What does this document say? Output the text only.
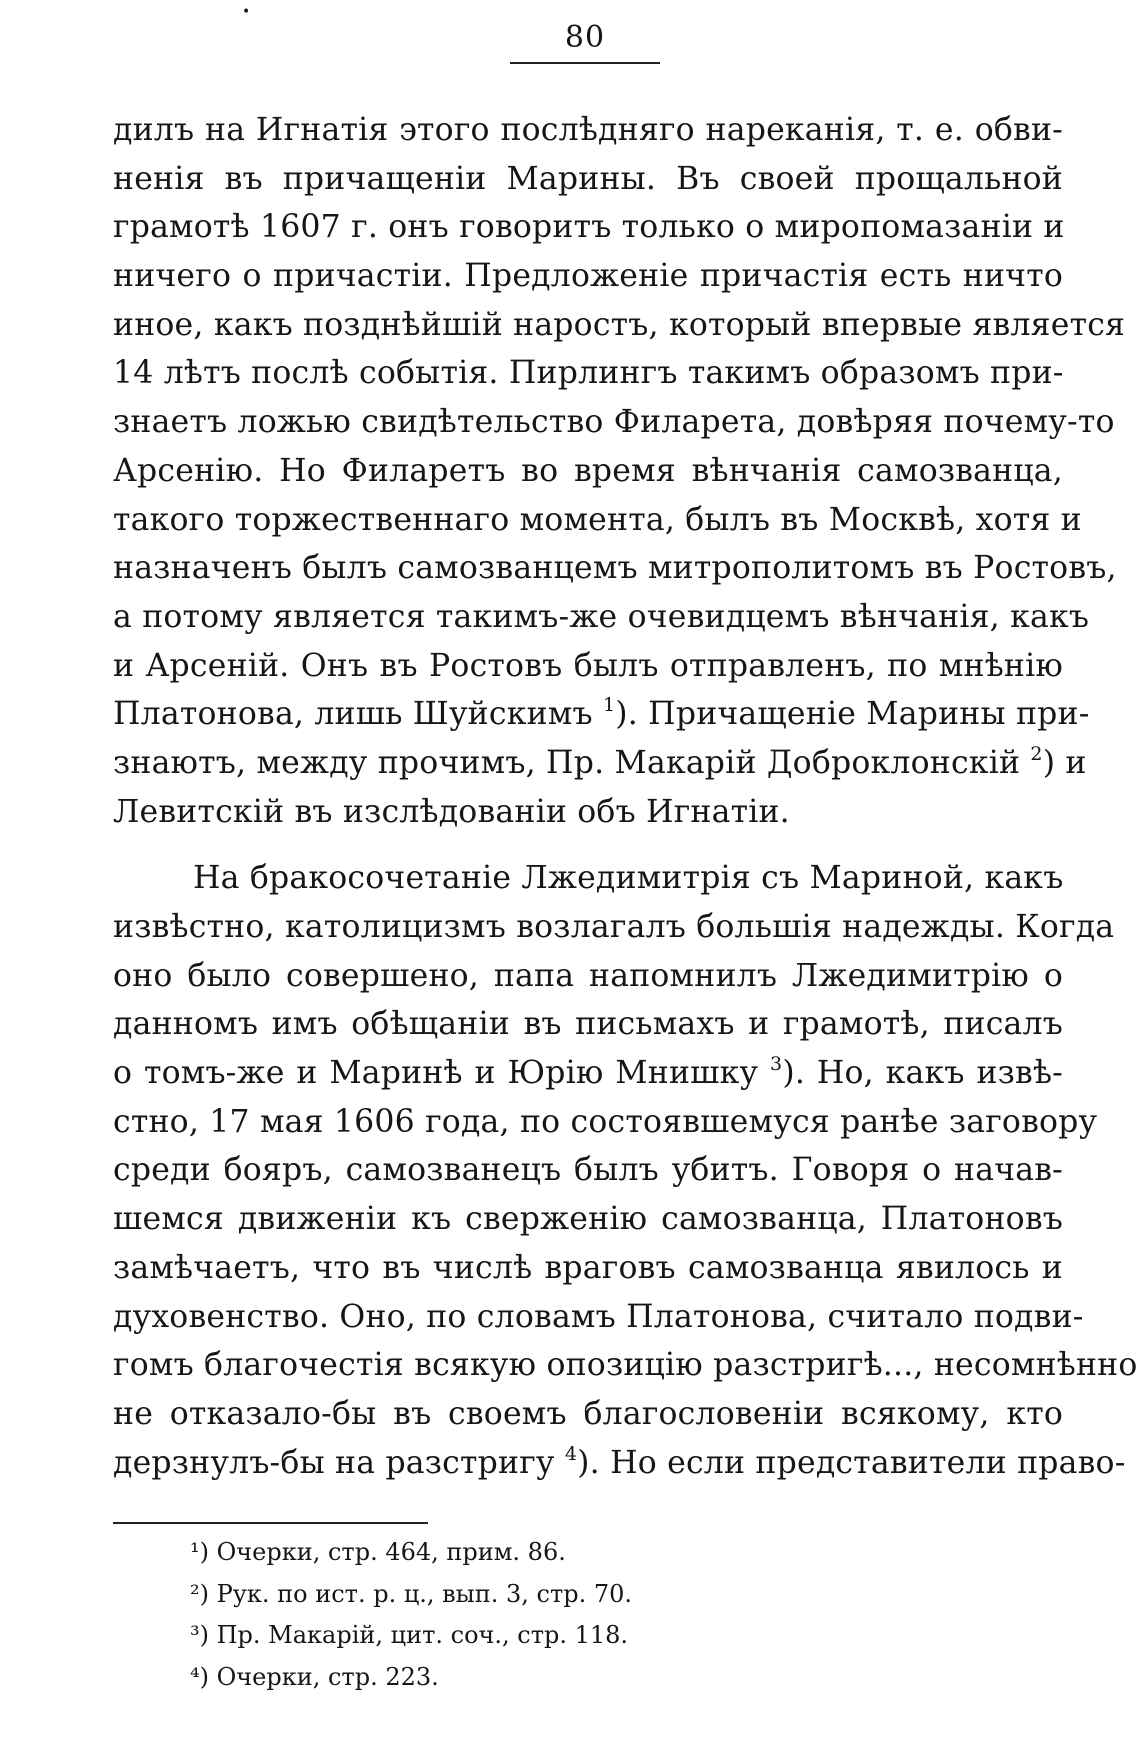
•
80
дилъ на Игнатія этого послѣдняго нареканія, т. е. обви-
ненія въ причащеніи Марины. Въ своей прощальной
грамотѣ 1607 г. онъ говоритъ только о миропомазаніи и
ничего о причастіи. Предложеніе причастія есть ничто
иное, какъ позднѣйшій наростъ, который впервые является
14 лѣтъ послѣ событія. Пирлингъ такимъ образомъ при-
знаетъ ложью свидѣтельство Филарета, довѣряя почему-то
Арсенію. Но Филаретъ во время вѣнчанія самозванца,
такого торжественнаго момента, былъ въ Москвѣ, хотя и
назначенъ былъ самозванцемъ митрополитомъ въ Ростовъ,
а потому является такимъ-же очевидцемъ вѣнчанія, какъ
и Арсеній. Онъ въ Ростовъ былъ отправленъ, по мнѣнію
Платонова, лишь Шуйскимъ $^1$). Причащеніе Марины при-
знаютъ, между прочимъ, Пр. Макарій Доброклонскій $^2$) и
Левитскій въ изслѣдованіи объ Игнатіи.
На бракосочетаніе Лжедимитрія съ Мариной, какъ
извѣстно, католицизмъ возлагалъ большія надежды. Когда
оно было совершено, папа напомнилъ Лжедимитрію о
данномъ имъ обѣщаніи въ письмахъ и грамотѣ, писалъ
о томъ-же и Маринѣ и Юрію Мнишку $^3$). Но, какъ извѣ-
стно, 17 мая 1606 года, по состоявшемуся ранѣе заговору
среди бояръ, самозванецъ былъ убитъ. Говоря о начав-
шемся движеніи къ сверженію самозванца, Платоновъ
замѣчаетъ, что въ числѣ враговъ самозванца явилось и
духовенство. Оно, по словамъ Платонова, считало подви-
гомъ благочестія всякую опозицію разстригѣ..., несомнѣнно
не отказало-бы въ своемъ благословеніи всякому, кто
дерзнулъ-бы на разстригу $^4$). Но если представители право-
¹) Очерки, стр. 464, прим. 86.
²) Рук. по ист. р. ц., вып. 3, стр. 70.
³) Пр. Макарій, цит. соч., стр. 118.
⁴) Очерки, стр. 223.
